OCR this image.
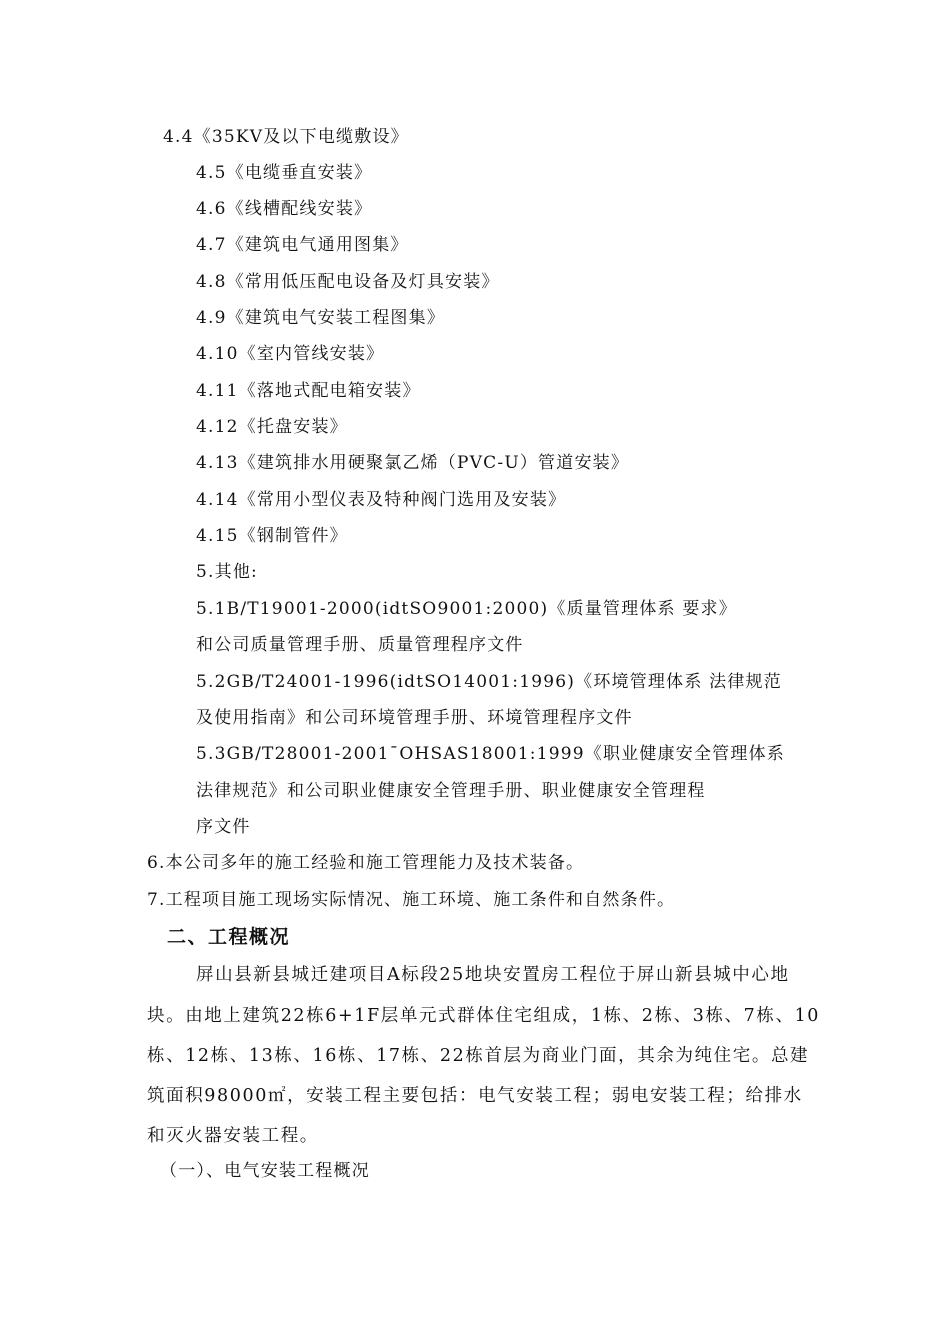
4.4《35KV及以下电缆敷设》
4.5《电缆垂直安装》
4.6《线槽配线安装》
4.7《建筑电气通用图集》
4.8《常用低压配电设备及灯具安装》
4.9《建筑电气安装工程图集》
4.10《室内管线安装》
4.11《落地式配电箱安装》
4.12《托盘安装》
4.13《建筑排水用硬聚氯乙烯（PVC-U）管道安装》
4.14《常用小型仪表及特种阀门选用及安装》
4.15《钢制管件》
5.其他:
5.1B/T19001-2000(idtSO9001:2000)《质量管理体系 要求》
和公司质量管理手册、质量管理程序文件
5.2GB/T24001-1996(idtSO14001:1996)《环境管理体系 法律规范
及使用指南》和公司环境管理手册、环境管理程序文件
5.3GB/T28001-2001¯OHSAS18001:1999《职业健康安全管理体系
法律规范》和公司职业健康安全管理手册、职业健康安全管理程
序文件
6.本公司多年的施工经验和施工管理能力及技术装备。
7.工程项目施工现场实际情况、施工环境、施工条件和自然条件。
二、工程概况
屏山县新县城迁建项目A标段25地块安置房工程位于屏山新县城中心地
块。由地上建筑22栋6+1F层单元式群体住宅组成，1栋、2栋、3栋、7栋、10
栋、12栋、13栋、16栋、17栋、22栋首层为商业门面，其余为纯住宅。总建
筑面积98000㎡，安装工程主要包括：电气安装工程；弱电安装工程；给排水
和灭火器安装工程。
（一）、电气安装工程概况
